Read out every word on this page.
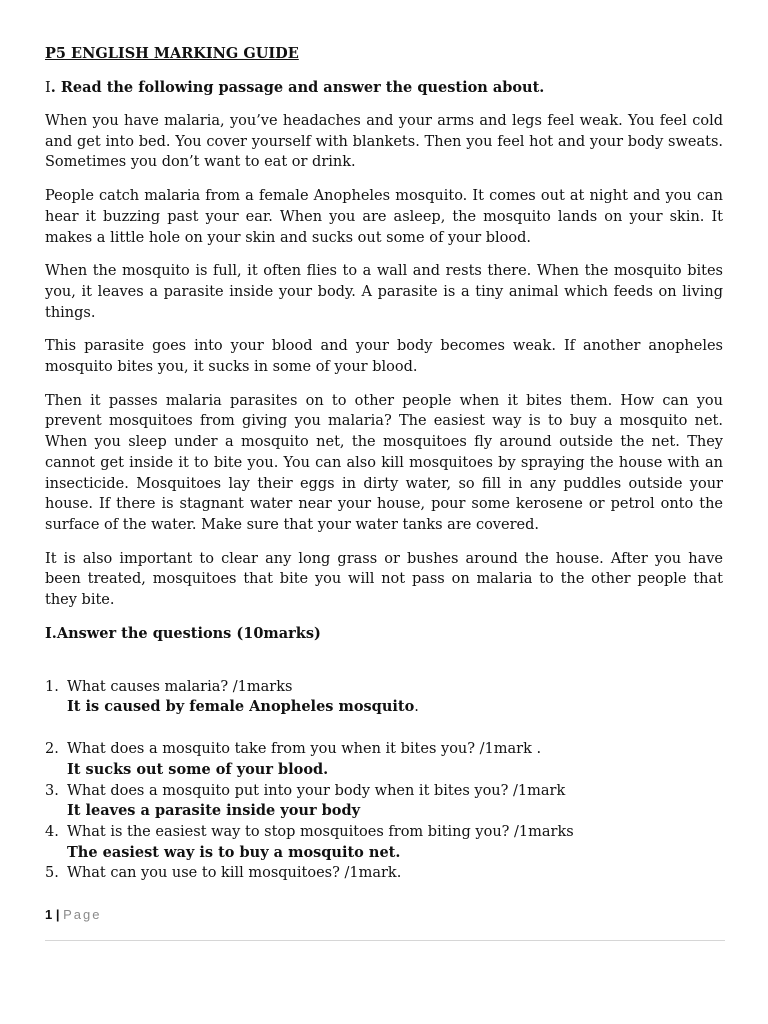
P5 ENGLISH MARKING GUIDE
I. Read the following passage and answer the question about.

When you have malaria, you’ve headaches and your arms and legs feel weak. You feel cold and get into bed. You cover yourself with blankets. Then you feel hot and your body sweats. Sometimes you don’t want to eat or drink.

People catch malaria from a female Anopheles mosquito. It comes out at night and you can hear it buzzing past your ear. When you are asleep, the mosquito lands on your skin. It makes a little hole on your skin and sucks out some of your blood.

When the mosquito is full, it often flies to a wall and rests there. When the mosquito bites you, it leaves a parasite inside your body. A parasite is a tiny animal which feeds on living things.

This parasite goes into your blood and your body becomes weak. If another anopheles mosquito bites you, it sucks in some of your blood.

Then it passes malaria parasites on to other people when it bites them. How can you prevent mosquitoes from giving you malaria? The easiest way is to buy a mosquito net. When you sleep under a mosquito net, the mosquitoes fly around outside the net. They cannot get inside it to bite you. You can also kill mosquitoes by spraying the house with an insecticide. Mosquitoes lay their eggs in dirty water, so fill in any puddles outside your house. If there is stagnant water near your house, pour some kerosene or petrol onto the surface of the water. Make sure that your water tanks are covered.

It is also important to clear any long grass or bushes around the house. After you have been treated, mosquitoes that bite you will not pass on malaria to the other people that they bite.

I.Answer the questions (10marks)
1. What causes malaria? /1marks
It is caused by female Anopheles mosquito.
2. What does a mosquito take from you when it bites you? /1mark .
It sucks out some of your blood.
3. What does a mosquito put into your body when it bites you? /1mark
It leaves a parasite inside your body
4. What is the easiest way to stop mosquitoes from biting you? /1marks
The easiest way is to buy a mosquito net.
5. What can you use to kill mosquitoes? /1mark.
1 | Page
